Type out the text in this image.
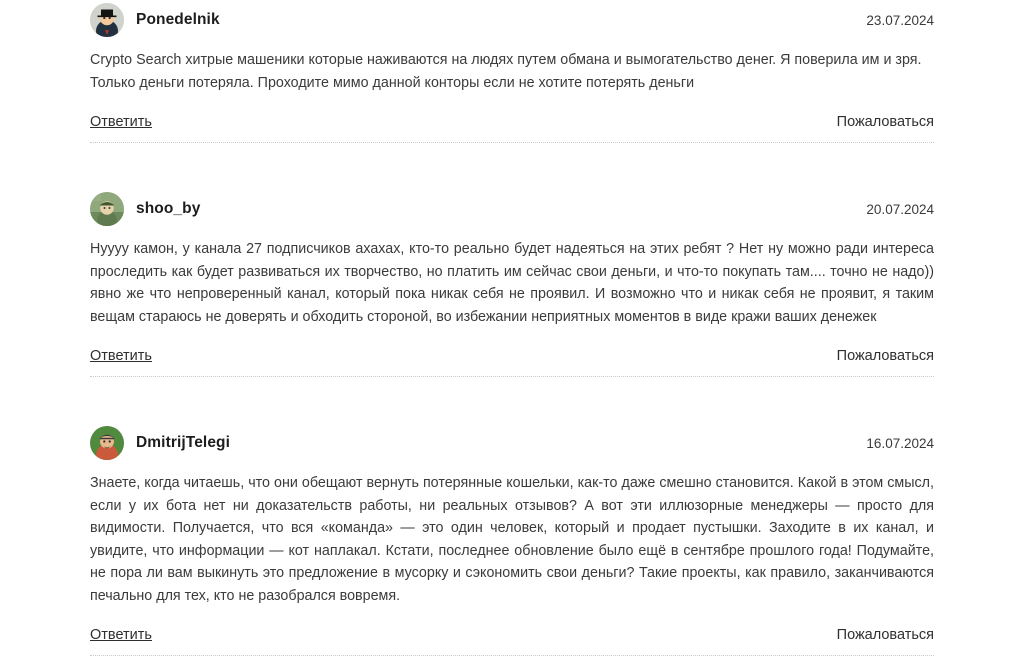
Ponedelnik	23.07.2024
Crypto Search хитрые машеники которые наживаются на людях путем обмана и вымогательство денег. Я поверила им и зря. Только деньги потеряла. Проходите мимо данной конторы если не хотите потерять деньги
Ответить	Пожаловаться
shoo_by	20.07.2024
Нуууу камон, у канала 27 подписчиков ахахах, кто-то реально будет надеяться на этих ребят ? Нет ну можно ради интереса проследить как будет развиваться их творчество, но платить им сейчас свои деньги, и что-то покупать там.... точно не надо)) явно же что непроверенный канал, который пока никак себя не проявил. И возможно что и никак себя не проявит, я таким вещам стараюсь не доверять и обходить стороной, во избежании неприятных моментов в виде кражи ваших денежек
Ответить	Пожаловаться
DmitrijTelegi	16.07.2024
Знаете, когда читаешь, что они обещают вернуть потерянные кошельки, как-то даже смешно становится. Какой в этом смысл, если у их бота нет ни доказательств работы, ни реальных отзывов? А вот эти иллюзорные менеджеры — просто для видимости. Получается, что вся «команда» — это один человек, который и продает пустышки. Заходите в их канал, и увидите, что информации — кот наплакал. Кстати, последнее обновление было ещё в сентябре прошлого года! Подумайте, не пора ли вам выкинуть это предложение в мусорку и сэкономить свои деньги? Такие проекты, как правило, заканчиваются печально для тех, кто не разобрался вовремя.
Ответить	Пожаловаться
